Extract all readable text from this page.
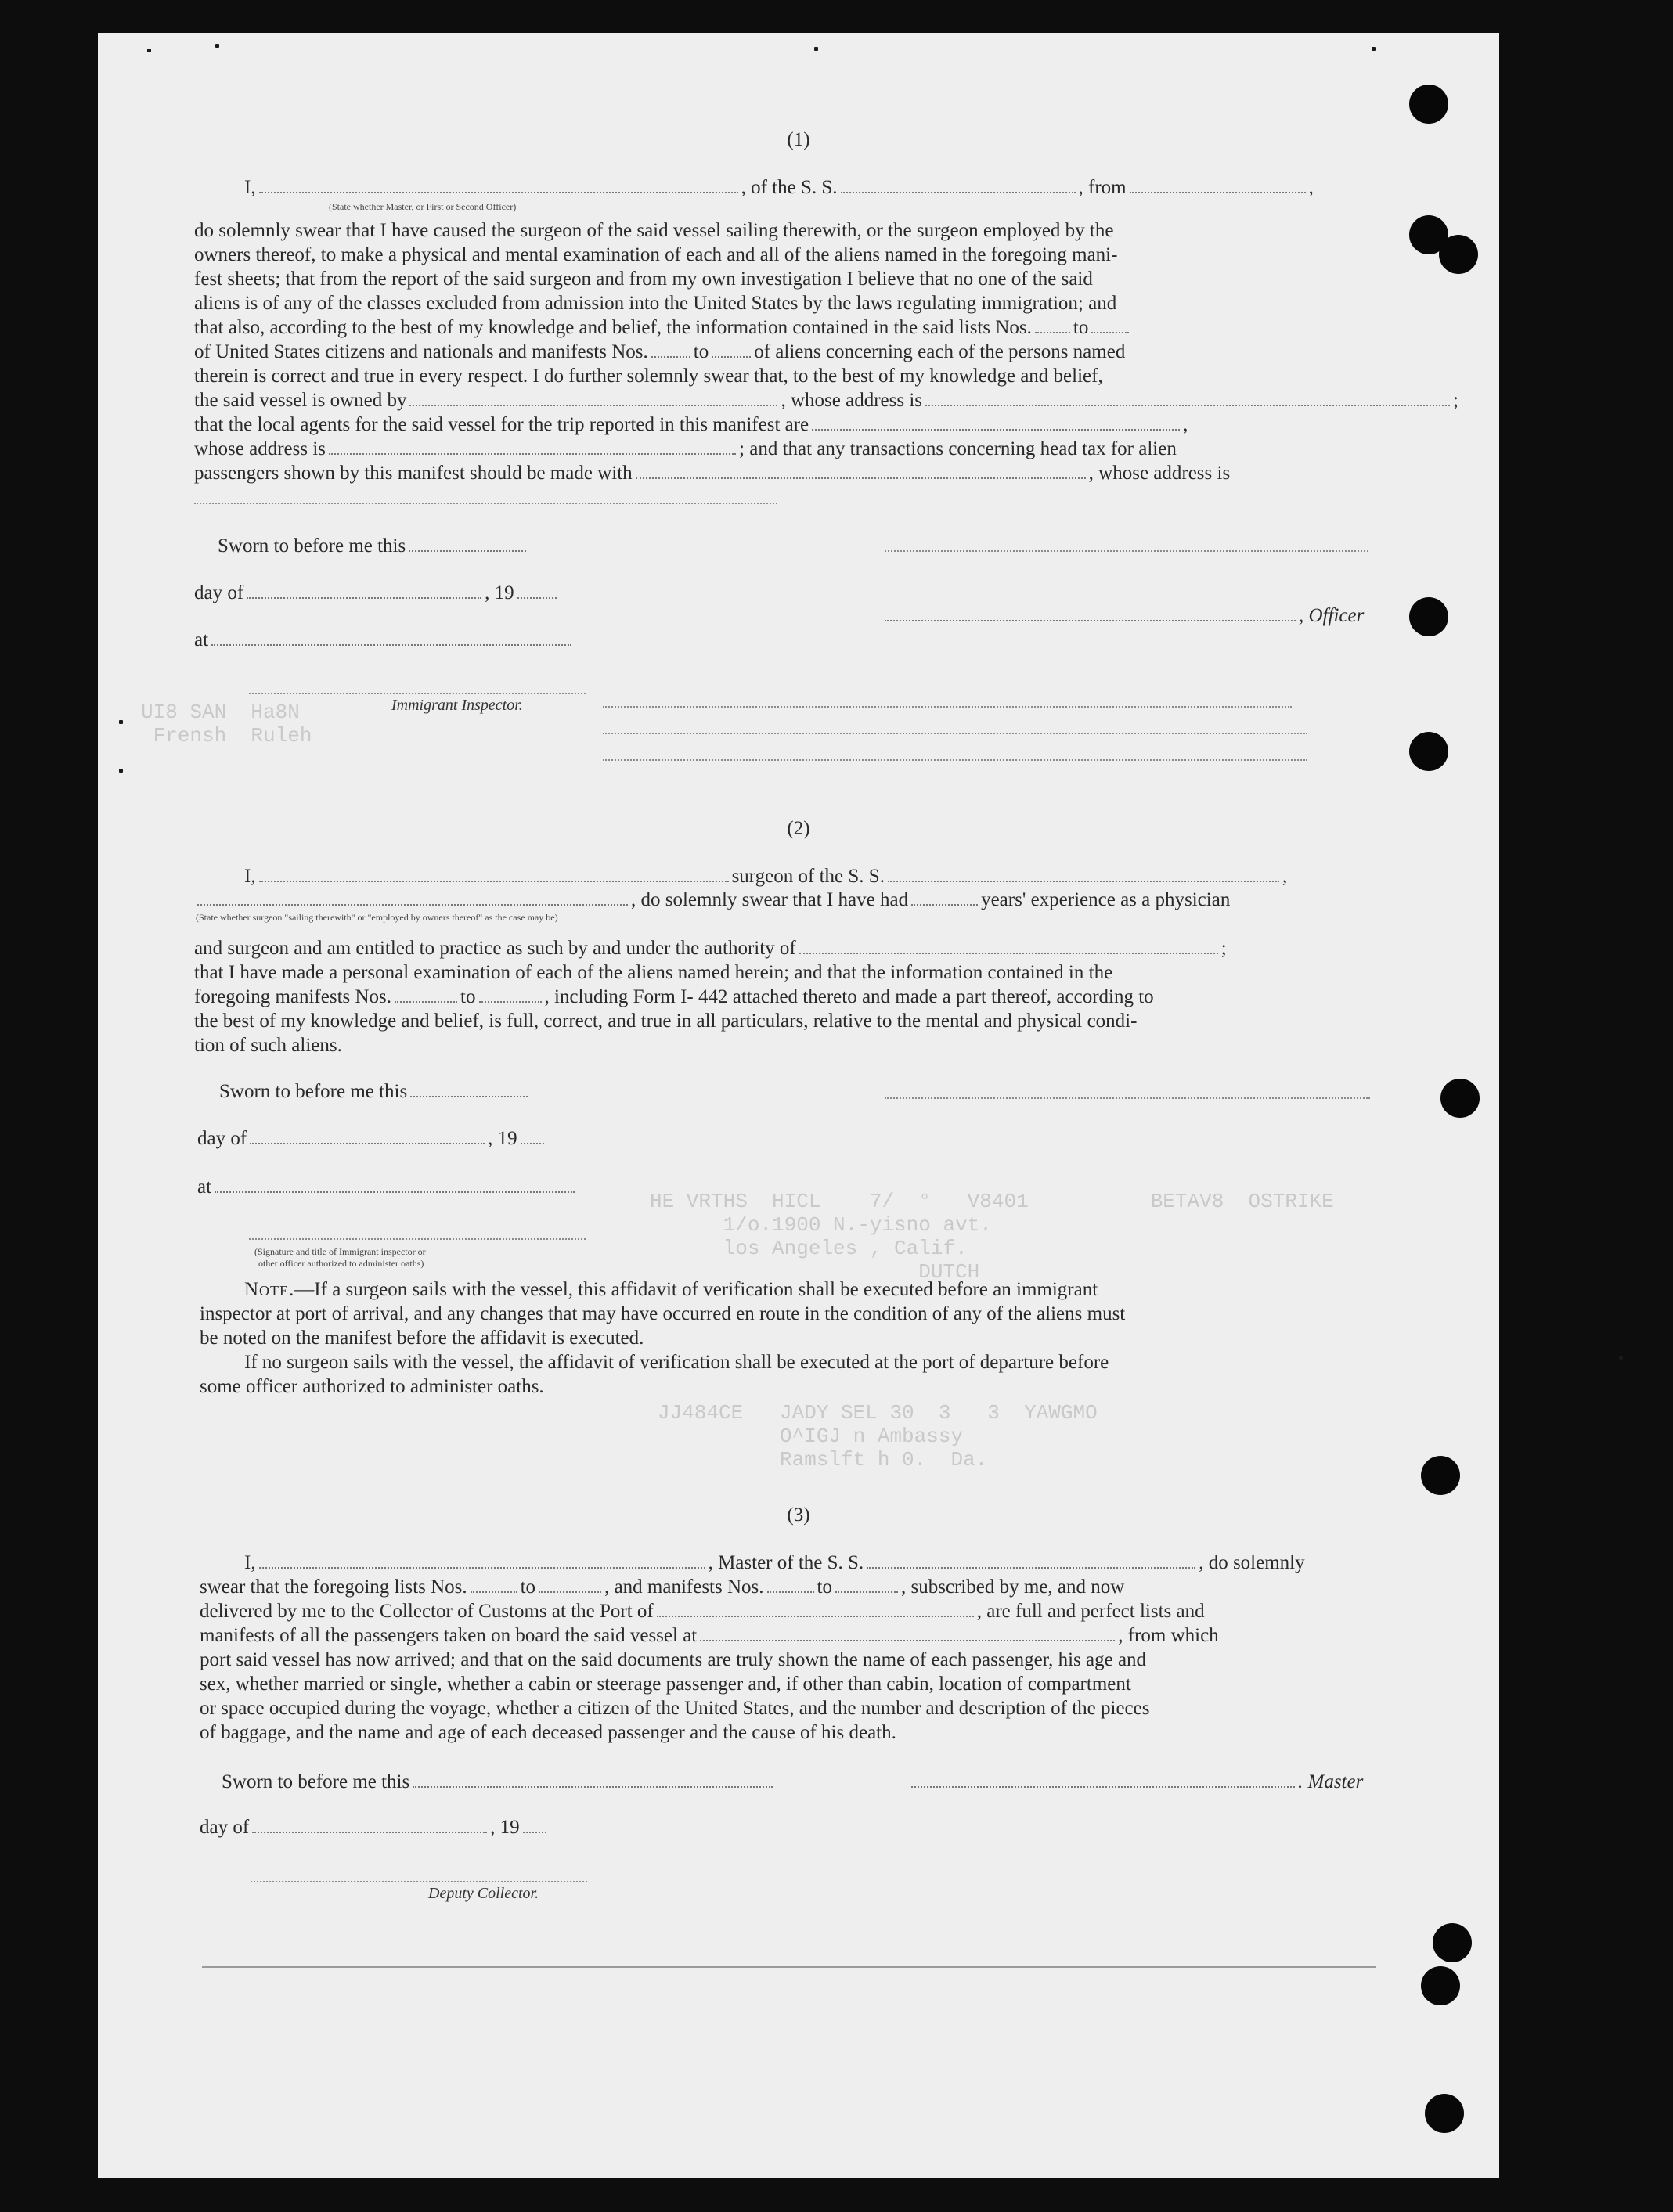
HE VRTHS  HICL    7/  °   V8401          BETAV8  OSTRIKE
1/o.1900 N.-yisno avt.
los Angeles , Calif.
DUTCH
JJ484CE   JADY SEL 30  3   3  YAWGMO
O^IGJ n Ambassy
Ramslft h 0.  Da.
UI8 SAN  Ha8N
Frensh  Ruleh
(1)
I,	, of the S. S.	, from	,
(State whether Master, or First or Second Officer)
do solemnly swear that I have caused the surgeon of the said vessel sailing therewith, or the surgeon employed by the
owners thereof, to make a physical and mental examination of each and all of the aliens named in the foregoing mani-
fest sheets; that from the report of the said surgeon and from my own investigation I believe that no one of the said
aliens is of any of the classes excluded from admission into the United States by the laws regulating immigration; and
that also, according to the best of my knowledge and belief, the information contained in the said lists Nos. to
of United States citizens and nationals and manifests Nos. to of aliens concerning each of the persons named
therein is correct and true in every respect. I do further solemnly swear that, to the best of my knowledge and belief,
the said vessel is owned by	, whose address is	;
that the local agents for the said vessel for the trip reported in this manifest are	,
whose address is	; and that any transactions concerning head tax for alien
passengers shown by this manifest should be made with	, whose address is
Sworn to before me this
day of	, 19
, Officer
at
Immigrant Inspector.
(2)
I,	surgeon of the S. S.	,
, do solemnly swear that I have had	years' experience as a physician
(State whether surgeon "sailing therewith" or "employed by owners thereof" as the case may be)
and surgeon and am entitled to practice as such by and under the authority of	;
that I have made a personal examination of each of the aliens named herein; and that the information contained in the
foregoing manifests Nos.	to	, including Form I- 442 attached thereto and made a part thereof, according to
the best of my knowledge and belief, is full, correct, and true in all particulars, relative to the mental and physical condi-
tion of such aliens.
Sworn to before me this
day of	, 19
at
(Signature and title of Immigrant inspector or
other officer authorized to administer oaths)
Note.—If a surgeon sails with the vessel, this affidavit of verification shall be executed before an immigrant
inspector at port of arrival, and any changes that may have occurred en route in the condition of any of the aliens must
be noted on the manifest before the affidavit is executed.
If no surgeon sails with the vessel, the affidavit of verification shall be executed at the port of departure before
some officer authorized to administer oaths.
(3)
I,	, Master of the S. S.	, do solemnly
swear that the foregoing lists Nos.	to	, and manifests Nos.	to	, subscribed by me, and now
delivered by me to the Collector of Customs at the Port of	, are full and perfect lists and
manifests of all the passengers taken on board the said vessel at	, from which
port said vessel has now arrived; and that on the said documents are truly shown the name of each passenger, his age and
sex, whether married or single, whether a cabin or steerage passenger and, if other than cabin, location of compartment
or space occupied during the voyage, whether a citizen of the United States, and the number and description of the pieces
of baggage, and the name and age of each deceased passenger and the cause of his death.
Sworn to before me this	. Master
day of	, 19
Deputy Collector.
